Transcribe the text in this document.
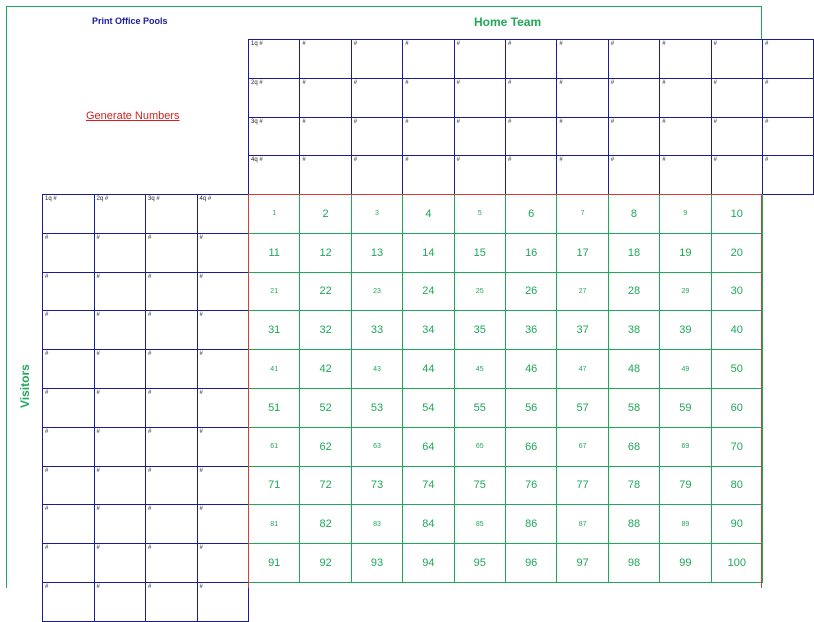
Print Office Pools	Home Team
Generate Numbers
Visitors
1q #	#	#	#	#	#	#	#	#	#	#
2q #	#	#	#	#	#	#	#	#	#	#
3q #	#	#	#	#	#	#	#	#	#	#
4q #	#	#	#	#	#	#	#	#	#	#
1q #	2q #	3q #	4q #
#	#	#	#
#	#	#	#
#	#	#	#
#	#	#	#
#	#	#	#
#	#	#	#
#	#	#	#
#	#	#	#
#	#	#	#
#	#	#	#
1	2	3	4	5	6	7	8	9	10
11	12	13	14	15	16	17	18	19	20
21	22	23	24	25	26	27	28	29	30
31	32	33	34	35	36	37	38	39	40
41	42	43	44	45	46	47	48	49	50
51	52	53	54	55	56	57	58	59	60
61	62	63	64	65	66	67	68	69	70
71	72	73	74	75	76	77	78	79	80
81	82	83	84	85	86	87	88	89	90
91	92	93	94	95	96	97	98	99	100
